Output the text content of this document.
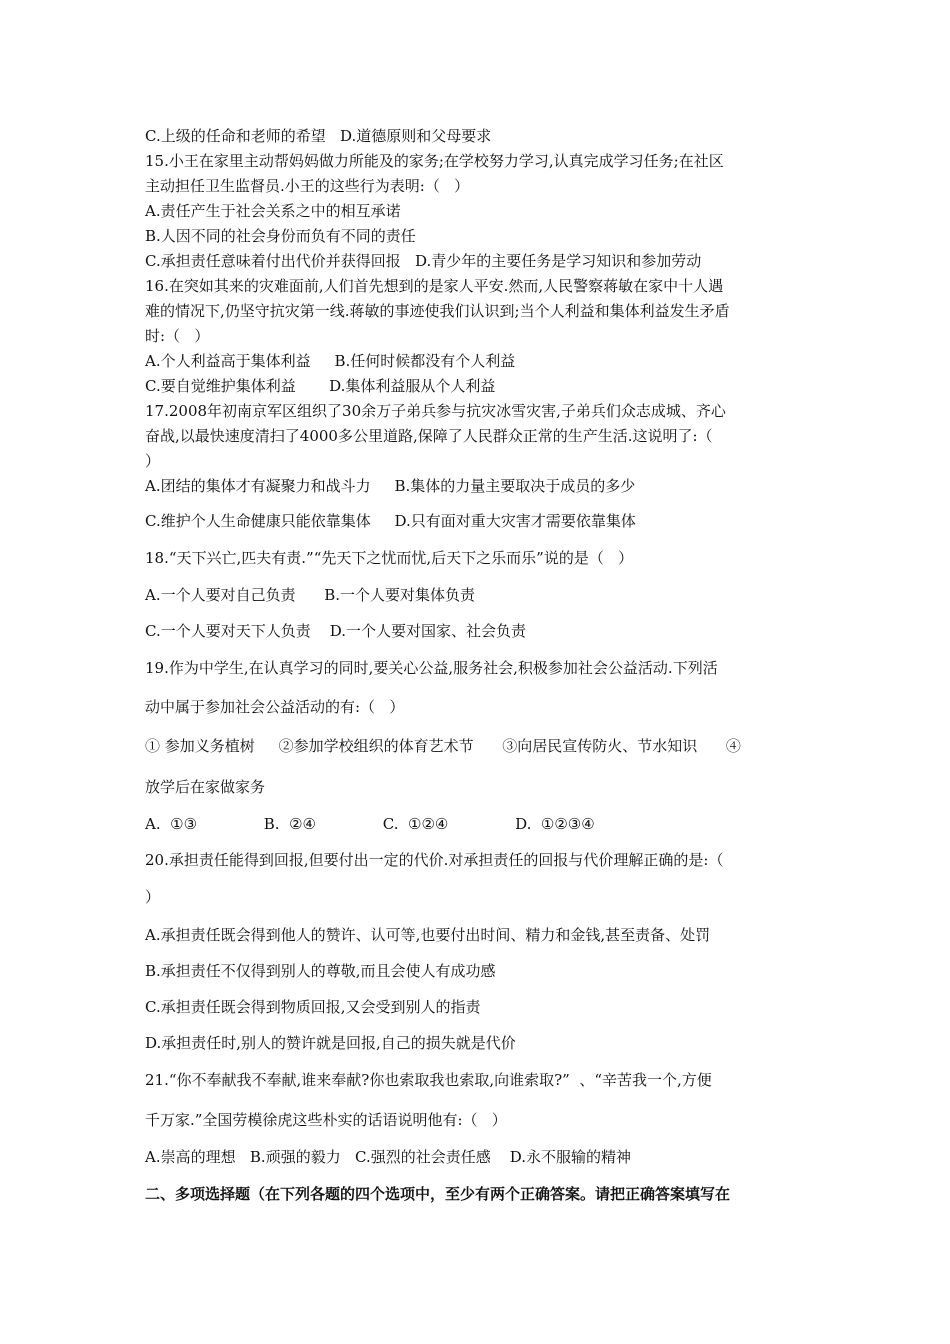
C.上级的任命和老师的希望   D.道德原则和父母要求
15.小王在家里主动帮妈妈做力所能及的家务;在学校努力学习,认真完成学习任务;在社区
主动担任卫生监督员.小王的这些行为表明:（   ）
A.责任产生于社会关系之中的相互承诺
B.人因不同的社会身份而负有不同的责任
C.承担责任意味着付出代价并获得回报   D.青少年的主要任务是学习知识和参加劳动
16.在突如其来的灾难面前,人们首先想到的是家人平安.然而,人民警察蒋敏在家中十人遇
难的情况下,仍坚守抗灾第一线.蒋敏的事迹使我们认识到;当个人利益和集体利益发生矛盾
时:（   ）
A.个人利益高于集体利益     B.任何时候都没有个人利益
C.要自觉维护集体利益       D.集体利益服从个人利益
17.2008年初南京军区组织了30余万子弟兵参与抗灾冰雪灾害,子弟兵们众志成城、齐心
奋战,以最快速度清扫了4000多公里道路,保障了人民群众正常的生产生活.这说明了:（
）
A.团结的集体才有凝聚力和战斗力     B.集体的力量主要取决于成员的多少
C.维护个人生命健康只能依靠集体     D.只有面对重大灾害才需要依靠集体
18.“天下兴亡,匹夫有责.”“先天下之忧而忧,后天下之乐而乐”说的是（   ）
A.一个人要对自己负责      B.一个人要对集体负责
C.一个人要对天下人负责    D.一个人要对国家、社会负责
19.作为中学生,在认真学习的同时,要关心公益,服务社会,积极参加社会公益活动.下列活
动中属于参加社会公益活动的有:（   ）
① 参加义务植树     ②参加学校组织的体育艺术节      ③向居民宣传防火、节水知识      ④
放学后在家做家务
A.  ①③              B.  ②④              C.  ①②④              D.  ①②③④
20.承担责任能得到回报,但要付出一定的代价.对承担责任的回报与代价理解正确的是:（
）
A.承担责任既会得到他人的赞许、认可等,也要付出时间、精力和金钱,甚至责备、处罚
B.承担责任不仅得到别人的尊敬,而且会使人有成功感
C.承担责任既会得到物质回报,又会受到别人的指责
D.承担责任时,别人的赞许就是回报,自己的损失就是代价
21.“你不奉献我不奉献,谁来奉献?你也索取我也索取,向谁索取?”  、“辛苦我一个,方便
千万家.”全国劳模徐虎这些朴实的话语说明他有:（   ）
A.崇高的理想   B.顽强的毅力   C.强烈的社会责任感    D.永不服输的精神
二、多项选择题（在下列各题的四个选项中，至少有两个正确答案。请把正确答案填写在
